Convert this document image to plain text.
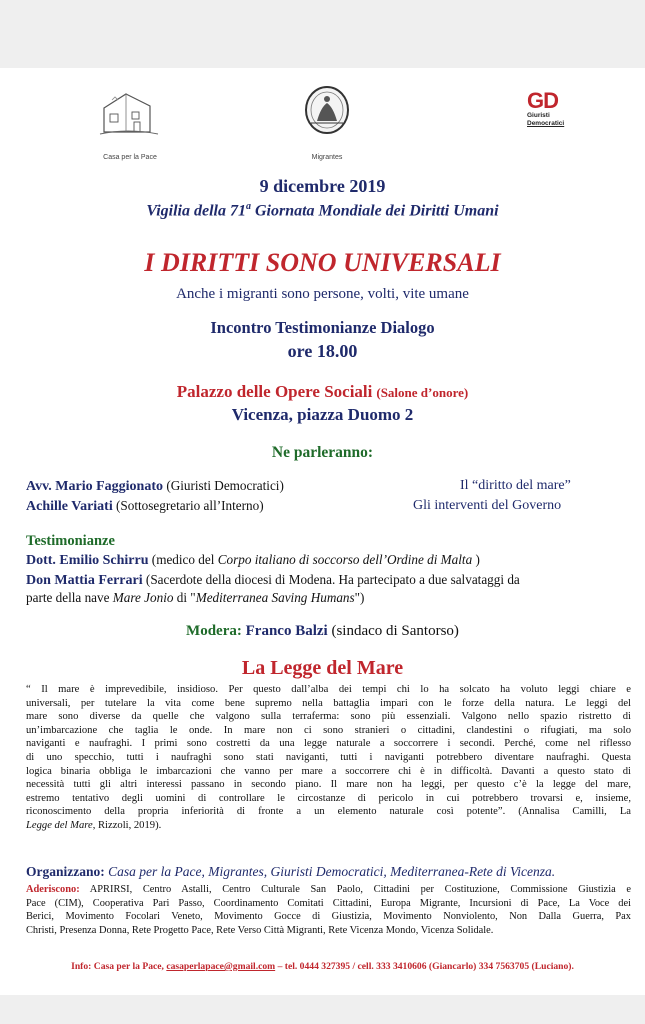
Casa per la Pace	Migrantes
GD
Giuristi
Democratici
9 dicembre 2019
Vigilia della 71$^a$ Giornata Mondiale dei Diritti Umani
I DIRITTI SONO UNIVERSALI
Anche i migranti sono persone, volti, vite umane
Incontro Testimonianze Dialogo
ore 18.00
Palazzo delle Opere Sociali (Salone d’onore)
Vicenza, piazza Duomo 2
Ne parleranno:
Avv. Mario Faggionato (Giuristi Democratici)	Il “diritto del mare”
Achille Variati (Sottosegretario all’Interno)	Gli interventi del Governo
Testimonianze
Dott. Emilio Schirru (medico del Corpo italiano di soccorso dell’Ordine di Malta )
Don Mattia Ferrari (Sacerdote della diocesi di Modena. Ha partecipato a due salvataggi da
parte della nave Mare Jonio di "Mediterranea Saving Humans")
Modera: Franco Balzi (sindaco di Santorso)
La Legge del Mare
“ Il mare è imprevedibile, insidioso. Per questo dall’alba dei tempi chi lo ha solcato ha voluto leggi chiare e
universali, per tutelare la vita come bene supremo nella battaglia impari con le forze della natura. Le leggi del
mare sono diverse da quelle che valgono sulla terraferma: sono più essenziali. Valgono nello spazio ristretto di
un’imbarcazione che taglia le onde. In mare non ci sono stranieri o cittadini, clandestini o rifugiati, ma solo
naviganti e naufraghi. I primi sono costretti da una legge naturale a soccorrere i secondi. Perché, come nel riflesso
di uno specchio, tutti i naufraghi sono stati naviganti, tutti i naviganti potrebbero diventare naufraghi. Questa
logica binaria obbliga le imbarcazioni che vanno per mare a soccorrere chi è in difficoltà. Davanti a questo stato di
necessità tutti gli altri interessi passano in secondo piano. Il mare non ha leggi, per questo c’è la legge del mare,
estremo tentativo degli uomini di controllare le circostanze di pericolo in cui potrebbero trovarsi e, insieme,
riconoscimento della propria inferiorità di fronte a un elemento naturale così potente”. (Annalisa Camilli, La
Legge del Mare, Rizzoli, 2019).
Organizzano: Casa per la Pace, Migrantes, Giuristi Democratici, Mediterranea-Rete di Vicenza.
Aderiscono: APRIRSI, Centro Astalli, Centro Culturale San Paolo, Cittadini per Costituzione, Commissione Giustizia e
Pace (CIM), Cooperativa Pari Passo, Coordinamento Comitati Cittadini, Europa Migrante, Incursioni di Pace, La Voce dei
Berici, Movimento Focolari Veneto, Movimento Gocce di Giustizia, Movimento Nonviolento, Non Dalla Guerra, Pax
Christi, Presenza Donna, Rete Progetto Pace, Rete Verso Città Migranti, Rete Vicenza Mondo, Vicenza Solidale.
Info: Casa per la Pace, casaperlapace@gmail.com – tel. 0444 327395 / cell. 333 3410606 (Giancarlo) 334 7563705 (Luciano).
